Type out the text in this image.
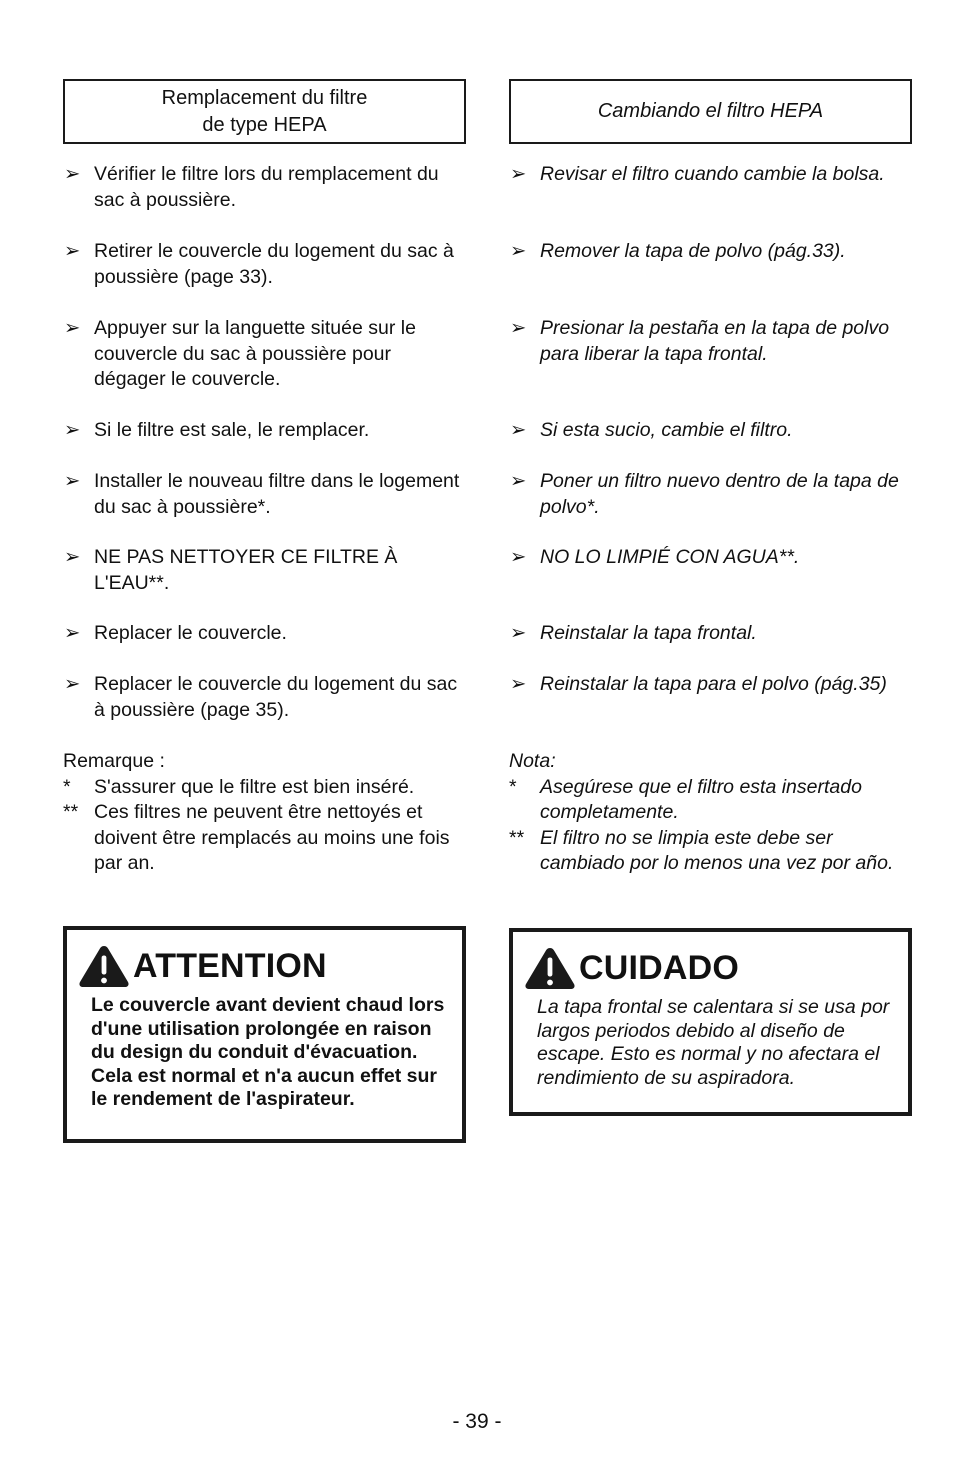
Remplacement du filtre
de type HEPA
➢ Vérifier le filtre lors du remplacement du sac à poussière.
➢ Retirer le couvercle du logement du sac à poussière (page 33).
➢ Appuyer sur la languette située sur le couvercle du sac à poussière pour dégager le couvercle.
➢ Si le filtre est sale, le remplacer.
➢ Installer le nouveau filtre dans le logement du sac à poussière*.
➢ NE PAS NETTOYER CE FILTRE À L'EAU**.
➢ Replacer le couvercle.
➢ Replacer le couvercle du logement du sac à poussière (page 35).
Remarque :
*	S'assurer que le filtre est bien inséré.
** Ces filtres ne peuvent être nettoyés et doivent être remplacés au moins une fois par an.
Cambiando el filtro HEPA
➢ Revisar el filtro cuando cambie la bolsa.
➢ Remover la tapa de polvo (pág.33).
➢ Presionar la pestaña en la tapa de polvo para liberar la tapa frontal.
➢ Si esta sucio, cambie el filtro.
➢ Poner un filtro nuevo dentro de la tapa de polvo*.
➢ NO LO LIMPIÉ CON AGUA**.
➢ Reinstalar la tapa frontal.
➢ Reinstalar la tapa para el polvo (pág.35)
Nota:
*	Asegúrese que el filtro esta insertado completamente.
** El filtro no se limpia este debe ser cambiado por lo menos una vez por año.
ATTENTION
Le couvercle avant devient chaud lors d'une utilisation prolongée en raison du design du conduit d'évacuation. Cela est normal et n'a aucun effet sur le rendement de l'aspirateur.
CUIDADO
La tapa frontal se calentara si se usa por largos periodos debido al diseño de escape. Esto es normal y no afectara el rendimiento de su aspiradora.
- 39 -
